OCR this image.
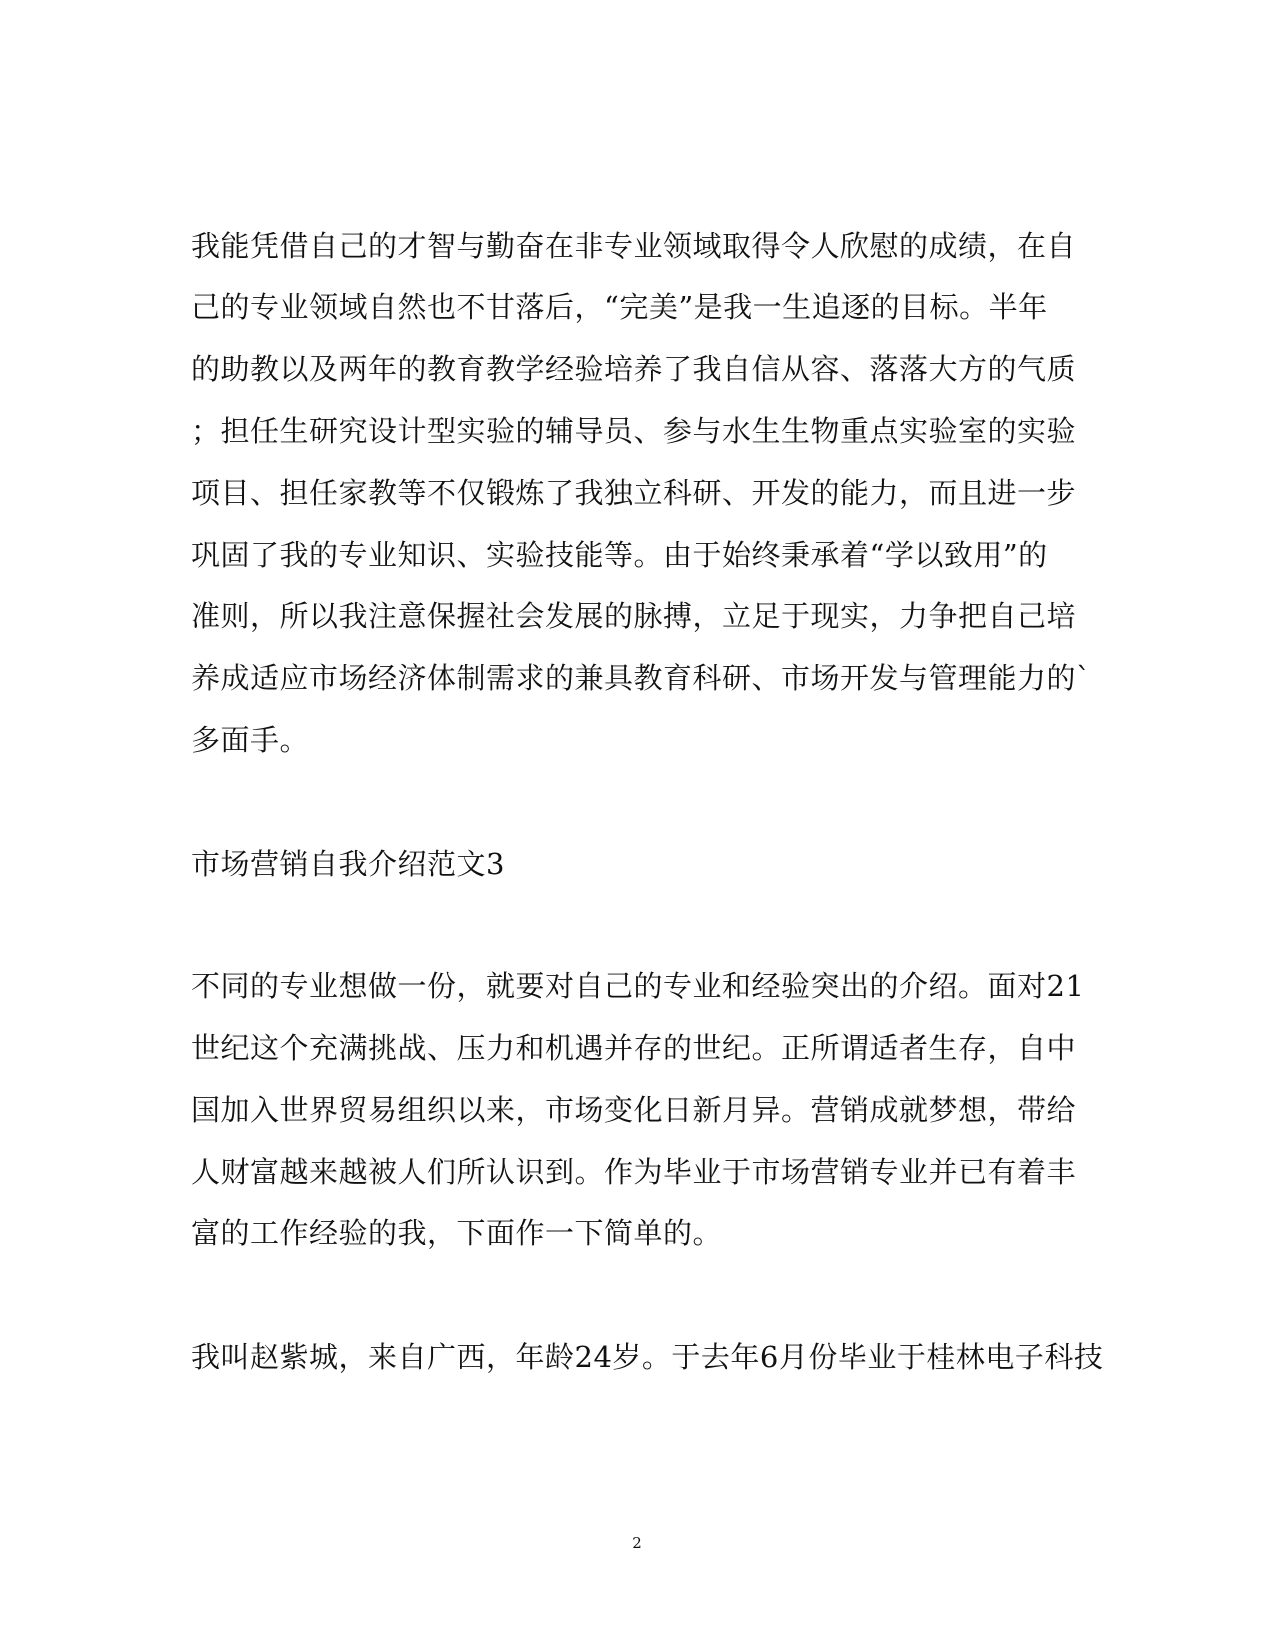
我能凭借自己的才智与勤奋在非专业领域取得令人欣慰的成绩，在自
己的专业领域自然也不甘落后，“完美”是我一生追逐的目标。半年
的助教以及两年的教育教学经验培养了我自信从容、落落大方的气质
；担任生研究设计型实验的辅导员、参与水生生物重点实验室的实验
项目、担任家教等不仅锻炼了我独立科研、开发的能力，而且进一步
巩固了我的专业知识、实验技能等。由于始终秉承着“学以致用”的
准则，所以我注意保握社会发展的脉搏，立足于现实，力争把自己培
养成适应市场经济体制需求的兼具教育科研、市场开发与管理能力的`
多面手。
市场营销自我介绍范文3
不同的专业想做一份，就要对自己的专业和经验突出的介绍。面对21
世纪这个充满挑战、压力和机遇并存的世纪。正所谓适者生存，自中
国加入世界贸易组织以来，市场变化日新月异。营销成就梦想，带给
人财富越来越被人们所认识到。作为毕业于市场营销专业并已有着丰
富的工作经验的我，下面作一下简单的。
我叫赵紫城，来自广西，年龄24岁。于去年6月份毕业于桂林电子科技
2
